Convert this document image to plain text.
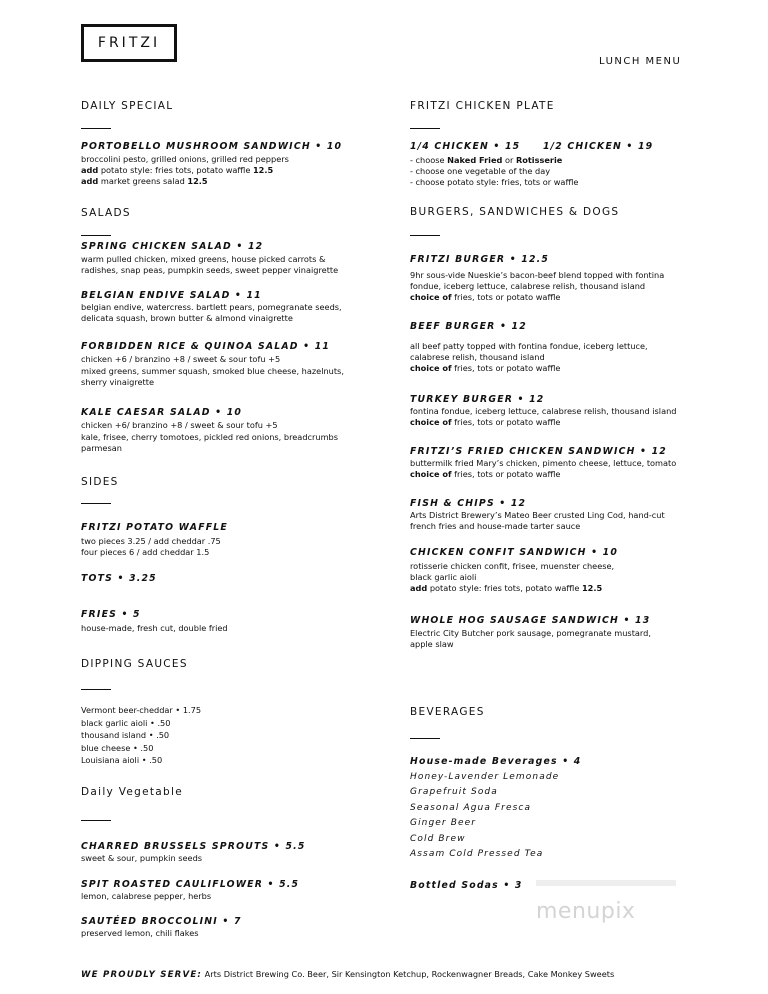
FRITZI
LUNCH MENU
DAILY SPECIAL
PORTOBELLO MUSHROOM SANDWICH • 10
broccolini pesto, grilled onions, grilled red peppers
add potato style: fries tots, potato waffle 12.5
add market greens salad 12.5
SALADS
SPRING CHICKEN SALAD • 12
warm pulled chicken, mixed greens, house picked carrots &
radishes, snap peas, pumpkin seeds, sweet pepper vinaigrette
BELGIAN ENDIVE SALAD • 11
belgian endive, watercress. bartlett pears, pomegranate seeds,
delicata squash, brown butter & almond vinaigrette
FORBIDDEN RICE & QUINOA SALAD • 11
chicken +6 / branzino +8 / sweet & sour tofu +5
mixed greens, summer squash, smoked blue cheese, hazelnuts,
sherry vinaigrette
KALE CAESAR SALAD • 10
chicken +6/ branzino +8 / sweet & sour tofu +5
kale, frisee, cherry tomotoes, pickled red onions, breadcrumbs
parmesan
SIDES
FRITZI POTATO WAFFLE
two pieces 3.25 / add cheddar .75
four pieces 6 / add cheddar 1.5
TOTS • 3.25
FRIES • 5
house-made, fresh cut, double fried
DIPPING SAUCES
Vermont beer-cheddar • 1.75
black garlic aioli • .50
thousand island • .50
blue cheese • .50
Louisiana aioli • .50
Daily Vegetable
CHARRED BRUSSELS SPROUTS • 5.5
sweet & sour, pumpkin seeds
SPIT ROASTED CAULIFLOWER • 5.5
lemon, calabrese pepper, herbs
SAUTÉED BROCCOLINI • 7
preserved lemon, chili flakes
FRITZI CHICKEN PLATE
1/4 CHICKEN • 15 1/2 CHICKEN • 19
- choose Naked Fried or Rotisserie
- choose one vegetable of the day
- choose potato style: fries, tots or waffle
BURGERS, SANDWICHES & DOGS
FRITZI BURGER • 12.5
9hr sous-vide Nueskie’s bacon-beef blend topped with fontina
fondue, iceberg lettuce, calabrese relish, thousand island
choice of fries, tots or potato waffle
BEEF BURGER • 12
all beef patty topped with fontina fondue, iceberg lettuce,
calabrese relish, thousand island
choice of fries, tots or potato waffle
TURKEY BURGER • 12
fontina fondue, iceberg lettuce, calabrese relish, thousand island
choice of fries, tots or potato waffle
FRITZI’S FRIED CHICKEN SANDWICH • 12
buttermilk fried Mary’s chicken, pimento cheese, lettuce, tomato
choice of fries, tots or potato waffle
FISH & CHIPS • 12
Arts District Brewery’s Mateo Beer crusted Ling Cod, hand-cut
french fries and house-made tarter sauce
CHICKEN CONFIT SANDWICH • 10
rotisserie chicken confit, frisee, muenster cheese,
black garlic aioli
add potato style: fries tots, potato waffle 12.5
WHOLE HOG SAUSAGE SANDWICH • 13
Electric City Butcher pork sausage, pomegranate mustard,
apple slaw
BEVERAGES
House-made Beverages • 4
Honey-Lavender Lemonade
Grapefruit Soda
Seasonal Agua Fresca
Ginger Beer
Cold Brew
Assam Cold Pressed Tea
Bottled Sodas • 3
menupix
WE PROUDLY SERVE: Arts District Brewing Co. Beer, Sir Kensington Ketchup, Rockenwagner Breads, Cake Monkey Sweets
